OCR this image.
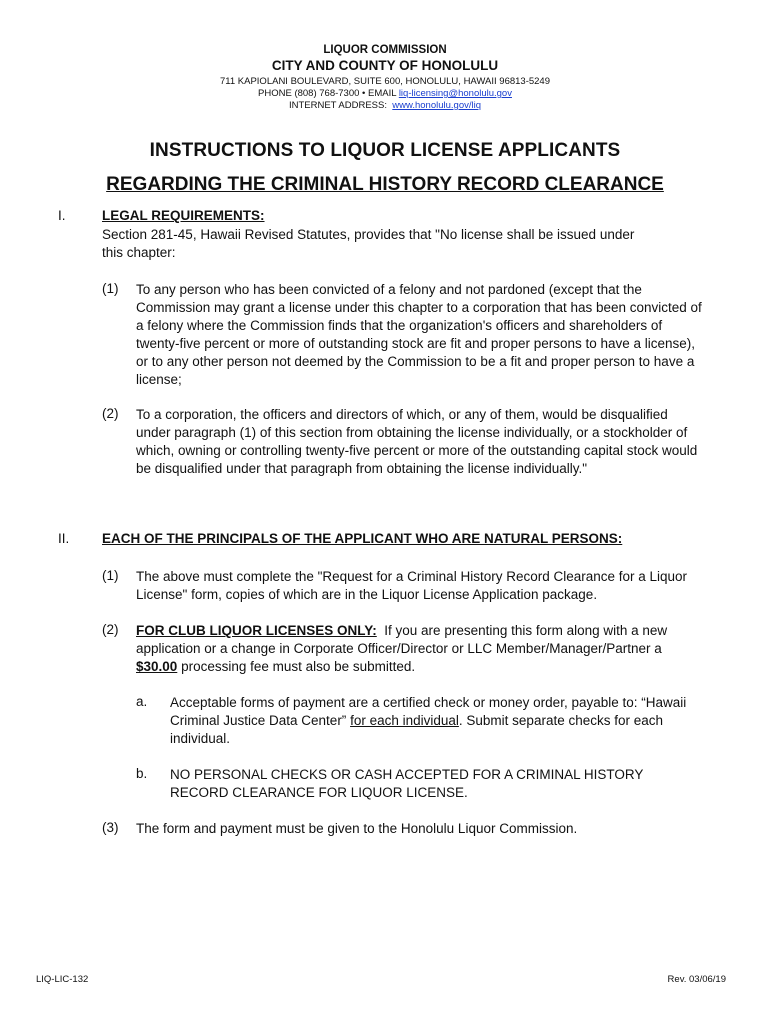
LIQUOR COMMISSION
CITY AND COUNTY OF HONOLULU
711 KAPIOLANI BOULEVARD, SUITE 600, HONOLULU, HAWAII 96813-5249
PHONE (808) 768-7300 • EMAIL liq-licensing@honolulu.gov
INTERNET ADDRESS: www.honolulu.gov/liq
INSTRUCTIONS TO LIQUOR LICENSE APPLICANTS
REGARDING THE CRIMINAL HISTORY RECORD CLEARANCE
I.	LEGAL REQUIREMENTS:
Section 281-45, Hawaii Revised Statutes, provides that "No license shall be issued under
this chapter:
(1) To any person who has been convicted of a felony and not pardoned (except that the Commission may grant a license under this chapter to a corporation that has been convicted of a felony where the Commission finds that the organization's officers and shareholders of twenty-five percent or more of outstanding stock are fit and proper persons to have a license), or to any other person not deemed by the Commission to be a fit and proper person to have a license;
(2) To a corporation, the officers and directors of which, or any of them, would be disqualified under paragraph (1) of this section from obtaining the license individually, or a stockholder of which, owning or controlling twenty-five percent or more of the outstanding capital stock would be disqualified under that paragraph from obtaining the license individually."
II. EACH OF THE PRINCIPALS OF THE APPLICANT WHO ARE NATURAL PERSONS:
(1) The above must complete the "Request for a Criminal History Record Clearance for a Liquor License" form, copies of which are in the Liquor License Application package.
(2) FOR CLUB LIQUOR LICENSES ONLY: If you are presenting this form along with a new application or a change in Corporate Officer/Director or LLC Member/Manager/Partner a $30.00 processing fee must also be submitted.
a. Acceptable forms of payment are a certified check or money order, payable to: “Hawaii Criminal Justice Data Center” for each individual. Submit separate checks for each individual.
b. NO PERSONAL CHECKS OR CASH ACCEPTED FOR A CRIMINAL HISTORY RECORD CLEARANCE FOR LIQUOR LICENSE.
(3) The form and payment must be given to the Honolulu Liquor Commission.
LIQ-LIC-132	Rev. 03/06/19
